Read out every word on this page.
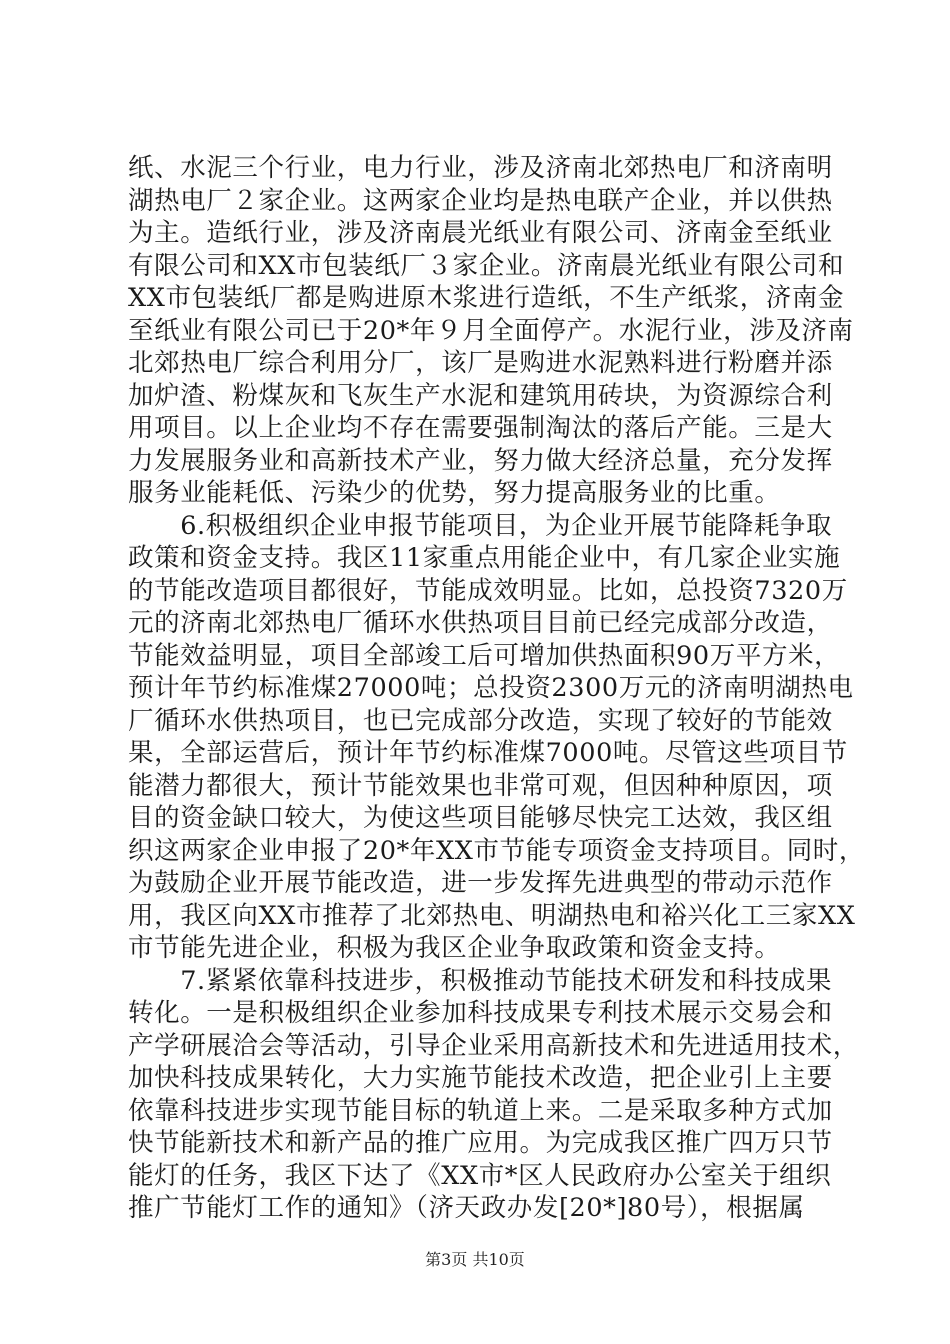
纸、水泥三个行业，电力行业，涉及济南北郊热电厂和济南明
湖热电厂２家企业。这两家企业均是热电联产企业，并以供热
为主。造纸行业，涉及济南晨光纸业有限公司、济南金至纸业
有限公司和XX市包装纸厂３家企业。济南晨光纸业有限公司和
XX市包装纸厂都是购进原木浆进行造纸，不生产纸浆，济南金
至纸业有限公司已于20*年９月全面停产。水泥行业，涉及济南
北郊热电厂综合利用分厂，该厂是购进水泥熟料进行粉磨并添
加炉渣、粉煤灰和飞灰生产水泥和建筑用砖块，为资源综合利
用项目。以上企业均不存在需要强制淘汰的落后产能。三是大
力发展服务业和高新技术产业，努力做大经济总量，充分发挥
服务业能耗低、污染少的优势，努力提高服务业的比重。
　　6.积极组织企业申报节能项目，为企业开展节能降耗争取
政策和资金支持。我区11家重点用能企业中，有几家企业实施
的节能改造项目都很好，节能成效明显。比如，总投资7320万
元的济南北郊热电厂循环水供热项目目前已经完成部分改造，
节能效益明显，项目全部竣工后可增加供热面积90万平方米，
预计年节约标准煤27000吨；总投资2300万元的济南明湖热电
厂循环水供热项目，也已完成部分改造，实现了较好的节能效
果，全部运营后，预计年节约标准煤7000吨。尽管这些项目节
能潜力都很大，预计节能效果也非常可观，但因种种原因，项
目的资金缺口较大，为使这些项目能够尽快完工达效，我区组
织这两家企业申报了20*年XX市节能专项资金支持项目。同时，
为鼓励企业开展节能改造，进一步发挥先进典型的带动示范作
用，我区向XX市推荐了北郊热电、明湖热电和裕兴化工三家XX
市节能先进企业，积极为我区企业争取政策和资金支持。
　　7.紧紧依靠科技进步，积极推动节能技术研发和科技成果
转化。一是积极组织企业参加科技成果专利技术展示交易会和
产学研展洽会等活动，引导企业采用高新技术和先进适用技术，
加快科技成果转化，大力实施节能技术改造，把企业引上主要
依靠科技进步实现节能目标的轨道上来。二是采取多种方式加
快节能新技术和新产品的推广应用。为完成我区推广四万只节
能灯的任务，我区下达了《XX市*区人民政府办公室关于组织
推广节能灯工作的通知》（济天政办发[20*]80号），根据属
第3页 共10页
